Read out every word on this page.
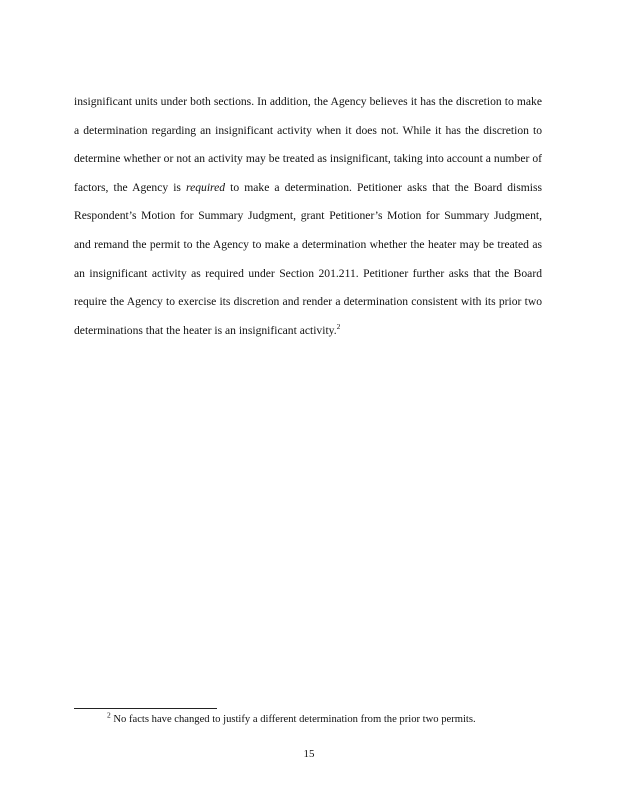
insignificant units under both sections. In addition, the Agency believes it has the discretion to make a determination regarding an insignificant activity when it does not. While it has the discretion to determine whether or not an activity may be treated as insignificant, taking into account a number of factors, the Agency is required to make a determination. Petitioner asks that the Board dismiss Respondent’s Motion for Summary Judgment, grant Petitioner’s Motion for Summary Judgment, and remand the permit to the Agency to make a determination whether the heater may be treated as an insignificant activity as required under Section 201.211. Petitioner further asks that the Board require the Agency to exercise its discretion and render a determination consistent with its prior two determinations that the heater is an insignificant activity.$^2$

$^2$ No facts have changed to justify a different determination from the prior two permits.

15
